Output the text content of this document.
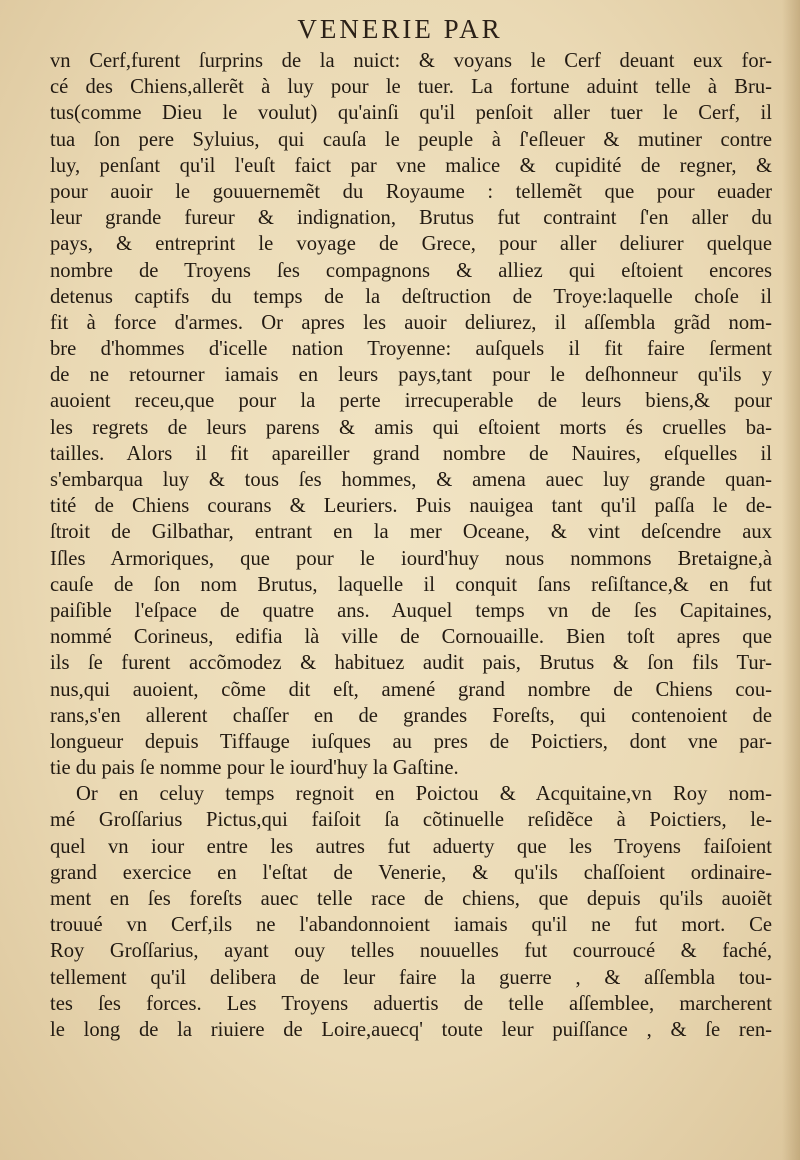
VENERIE PAR
vn Cerf,furent ſurprins de la nuict: & voyans le Cerf deuant eux for-
cé des Chiens,allerẽt à luy pour le tuer. La fortune aduint telle à Bru-
tus(comme Dieu le voulut) qu'ainſi qu'il penſoit aller tuer le Cerf, il
tua ſon pere Syluius, qui cauſa le peuple à ſ'eſleuer & mutiner contre
luy, penſant qu'il l'euſt faict par vne malice & cupidité de regner, &
pour auoir le gouuernemẽt du Royaume : tellemẽt que pour euader
leur grande fureur & indignation, Brutus fut contraint ſ'en aller du
pays, & entreprint le voyage de Grece, pour aller deliurer quelque
nombre de Troyens ſes compagnons & alliez qui eſtoient encores
detenus captifs du temps de la deſtruction de Troye:laquelle choſe il
fit à force d'armes. Or apres les auoir deliurez, il aſſembla grãd nom-
bre d'hommes d'icelle nation Troyenne: auſquels il fit faire ſerment
de ne retourner iamais en leurs pays,tant pour le deſhonneur qu'ils y
auoient receu,que pour la perte irrecuperable de leurs biens,& pour
les regrets de leurs parens & amis qui eſtoient morts és cruelles ba-
tailles. Alors il fit apareiller grand nombre de Nauires, eſquelles il
s'embarqua luy & tous ſes hommes, & amena auec luy grande quan-
tité de Chiens courans & Leuriers. Puis nauigea tant qu'il paſſa le de-
ſtroit de Gilbathar, entrant en la mer Oceane, & vint deſcendre aux
Iſles Armoriques, que pour le iourd'huy nous nommons Bretaigne,à
cauſe de ſon nom Brutus, laquelle il conquit ſans reſiſtance,& en fut
paiſible l'eſpace de quatre ans. Auquel temps vn de ſes Capitaines,
nommé Corineus, edifia là ville de Cornouaille. Bien toſt apres que
ils ſe furent accõmodez & habituez audit pais, Brutus & ſon fils Tur-
nus,qui auoient, cõme dit eſt, amené grand nombre de Chiens cou-
rans,s'en allerent chaſſer en de grandes Foreſts, qui contenoient de
longueur depuis Tiffauge iuſques au pres de Poictiers, dont vne par-
tie du pais ſe nomme pour le iourd'huy la Gaſtine.
Or en celuy temps regnoit en Poictou & Acquitaine,vn Roy nom-
mé Groſſarius Pictus,qui faiſoit ſa cõtinuelle reſidẽce à Poictiers, le-
quel vn iour entre les autres fut aduerty que les Troyens faiſoient
grand exercice en l'eſtat de Venerie, & qu'ils chaſſoient ordinaire-
ment en ſes foreſts auec telle race de chiens, que depuis qu'ils auoiẽt
trouué vn Cerf,ils ne l'abandonnoient iamais qu'il ne fut mort. Ce
Roy Groſſarius, ayant ouy telles nouuelles fut courroucé & faché,
tellement qu'il delibera de leur faire la guerre , & aſſembla tou-
tes ſes forces. Les Troyens aduertis de telle aſſemblee, marcherent
le long de la riuiere de Loire,auecq' toute leur puiſſance , & ſe ren-
